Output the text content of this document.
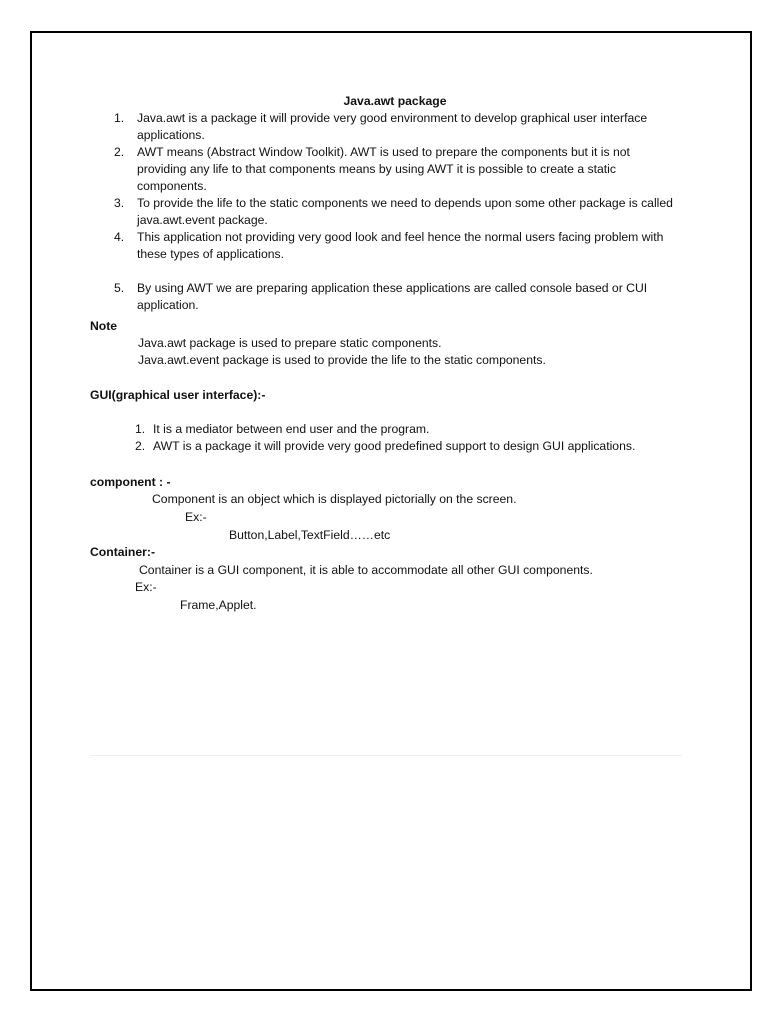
Java.awt package
1. Java.awt is a package it will provide very good environment to develop graphical user interface applications.
2. AWT means (Abstract Window Toolkit). AWT is used to prepare the components but it is not providing any life to that components means by using AWT it is possible to create a static components.
3. To provide the life to the static components we need to depends upon some other package is called java.awt.event package.
4. This application not providing very good look and feel hence the normal users facing problem with these types of applications.
5. By using AWT we are preparing application these applications are called console based or CUI application.
Note
Java.awt package is used to prepare static components.
Java.awt.event package is used to provide the life to the static components.
GUI(graphical user interface):-
1. It is a mediator between end user and the program.
2. AWT is a package it will provide very good predefined support to design GUI applications.
component : -
Component is an object which is displayed pictorially on the screen.
Ex:-
Button,Label,TextField……etc
Container:-
Container is a GUI component, it is able to accommodate all other GUI components.
Ex:-
Frame,Applet.
